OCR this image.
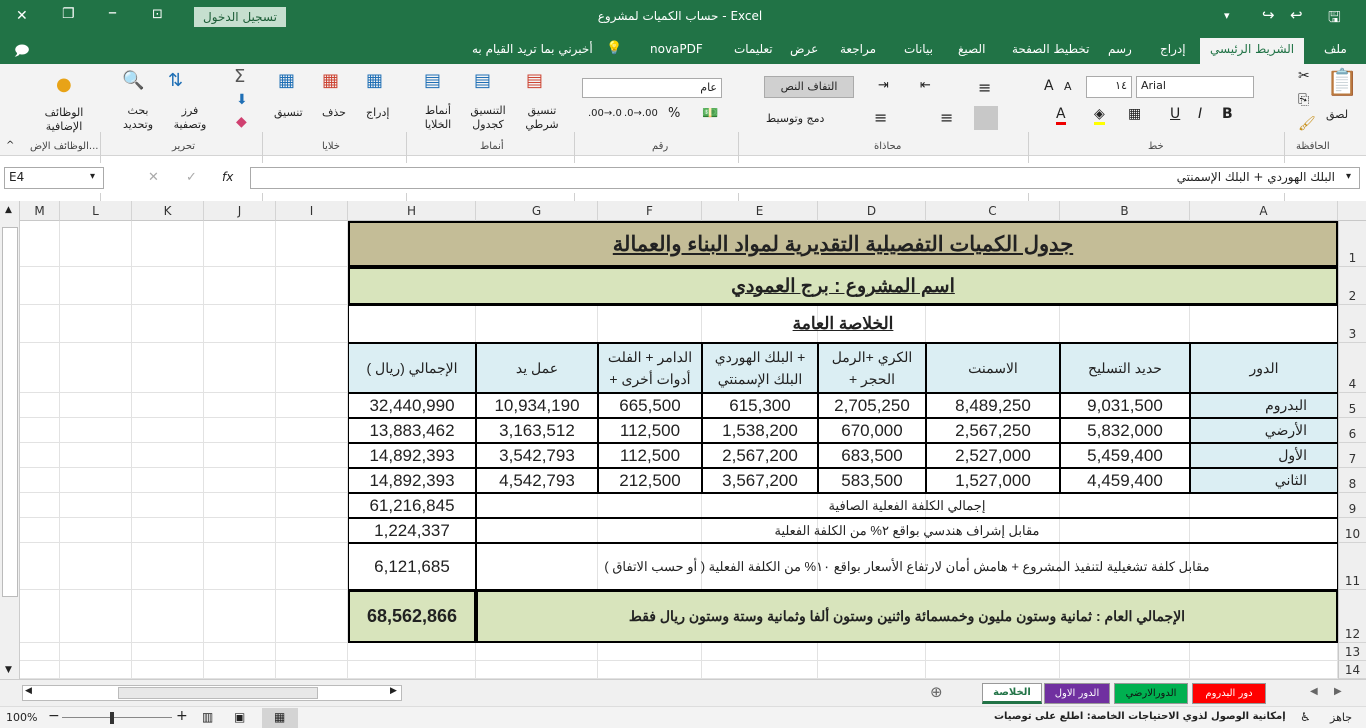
✕ ❐ –	⊡	تسجيل الدخول	حساب الكميات لمشروع - Excel	▾ ↪ ↩ 🖫
🗩	أخبرني بما تريد القيام به 💡 novaPDF	تعليمات عرض مراجعة بيانات الصيغ تخطيط الصفحة رسم إدراج	الشريط الرئيسي	ملف
●
الوظائف الإضافية
الوظائف الإض...
^
🔍
بحث وتحديد
⇅
فرز وتصفية
Σ
⬇
◆
تحرير
▦
تنسيق
▦
حذف
▦
إدراج
خلايا
▤
أنماط الخلايا
▤
التنسيق كجدول
▤
تنسيق شرطي
أنماط
عام
.00→.0 .0→.00 % 💵
رقم
التفاف النص
دمج وتوسيط
⇥ ⇤
≡	≡
≡
محاذاة
Arial
١٤
A A
B
I
U
▦
◈
A
خط
📋
لصق
✂
⎘
🖌
الحافظة
E4	▾	✕ ✓ fx	البلك الهوردي + البلك الإسمنتي	▾
▲
▼
M	L	K	J	I	H	G	F	E	D	C	B	A
1
2
3
4
5
6
7
8
9
10
11
12
13
14
جدول الكميات التفصيلية التقديرية لمواد البناء والعمالة
اسم المشروع : برج العمودي
الخلاصة العامة
الدور
حديد التسليح
الاسمنت
الكري +الرمل
+ الحجر
البلك الهوردي +
البلك الإسمنتي
الدامر + الفلت
+ أدوات أخرى
عمل يد
الإجمالي (ريال )
البدروم
9,031,500
8,489,250
2,705,250
615,300
665,500
10,934,190
32,440,990
الأرضي
5,832,000
2,567,250
670,000
1,538,200
112,500
3,163,512
13,883,462
الأول
5,459,400
2,527,000
683,500
2,567,200
112,500
3,542,793
14,892,393
الثاني
4,459,400
1,527,000
583,500
3,567,200
212,500
4,542,793
14,892,393
إجمالي الكلفة الفعلية الصافية
61,216,845
مقابل إشراف هندسي بواقع ٢% من الكلفة الفعلية
1,224,337
مقابل كلفة تشغيلية لتنفيذ المشروع + هامش أمان لارتفاع الأسعار بواقع ١٠% من الكلفة الفعلية ( أو حسب الاتفاق )
6,121,685
الإجمالي العام : ثمانية وستون مليون وخمسمائة واثنين وستون ألفا وثمانية وستة وستون ريال فقط
68,562,866
◀	▶	⊕	الخلاصة	الدور الاول	الدورالارضي	دور البدروم	◀ ▶
100% −	+ ▥ ▣ ▦	إمكانية الوصول لذوي الاحتياجات الخاصة: اطلع على توصيات ♿ جاهز
